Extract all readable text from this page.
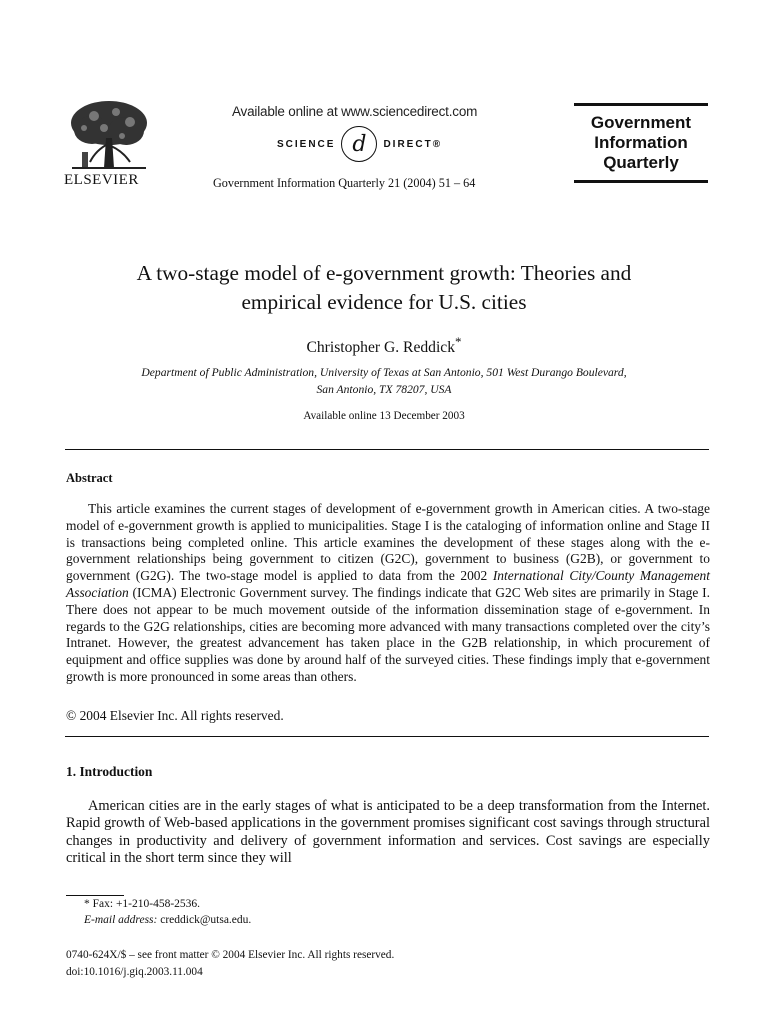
ELSEVIER
Available online at www.sciencedirect.com
SCIENCE d	DIRECT®
Government Information Quarterly 21 (2004) 51 – 64
Government
Information
Quarterly
A two-stage model of e-government growth: Theories and
empirical evidence for U.S. cities
Christopher G. Reddick*
Department of Public Administration, University of Texas at San Antonio, 501 West Durango Boulevard,
San Antonio, TX 78207, USA
Available online 13 December 2003
Abstract
This article examines the current stages of development of e-government growth in American cities. A two-stage model of e-government growth is applied to municipalities. Stage I is the cataloging of information online and Stage II is transactions being completed online. This article examines the development of these stages along with the e-government relationships being government to citizen (G2C), government to business (G2B), or government to government (G2G). The two-stage model is applied to data from the 2002 International City/County Management Association (ICMA) Electronic Government survey. The findings indicate that G2C Web sites are primarily in Stage I. There does not appear to be much movement outside of the information dissemination stage of e-government. In regards to the G2G relationships, cities are becoming more advanced with many transactions completed over the city’s Intranet. However, the greatest advancement has taken place in the G2B relationship, in which procurement of equipment and office supplies was done by around half of the surveyed cities. These findings imply that e-government growth is more pronounced in some areas than others.
© 2004 Elsevier Inc. All rights reserved.
1. Introduction
American cities are in the early stages of what is anticipated to be a deep transformation from the Internet. Rapid growth of Web-based applications in the government promises significant cost savings through structural changes in productivity and delivery of government information and services. Cost savings are especially critical in the short term since they will
* Fax: +1-210-458-2536.
E-mail address: creddick@utsa.edu.
0740-624X/$ – see front matter © 2004 Elsevier Inc. All rights reserved.
doi:10.1016/j.giq.2003.11.004
